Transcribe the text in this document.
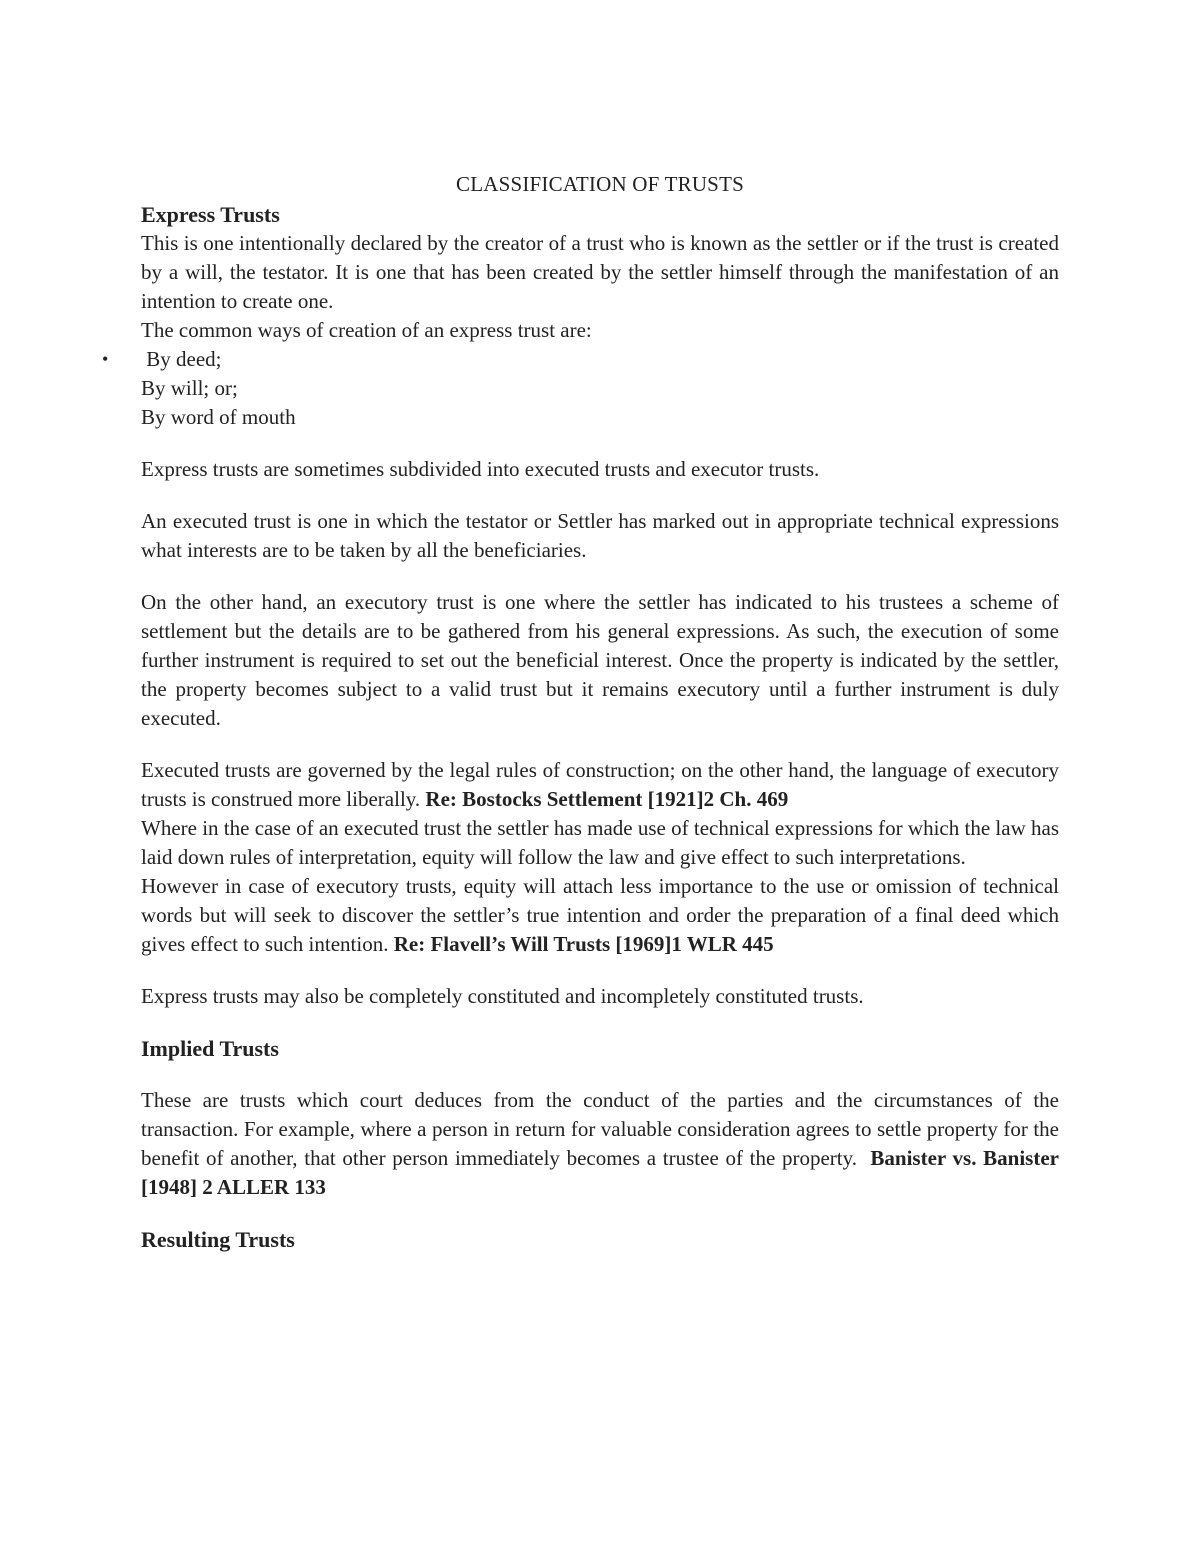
CLASSIFICATION OF TRUSTS

Express Trusts

This is one intentionally declared by the creator of a trust who is known as the settler or if the trust is created by a will, the testator. It is one that has been created by the settler himself through the manifestation of an intention to create one.

The common ways of creation of an express trust are:

• By deed;
By will; or;
By word of mouth

Express trusts are sometimes subdivided into executed trusts and executor trusts.

An executed trust is one in which the testator or Settler has marked out in appropriate technical expressions what interests are to be taken by all the beneficiaries.

On the other hand, an executory trust is one where the settler has indicated to his trustees a scheme of settlement but the details are to be gathered from his general expressions. As such, the execution of some further instrument is required to set out the beneficial interest. Once the property is indicated by the settler, the property becomes subject to a valid trust but it remains executory until a further instrument is duly executed.

Executed trusts are governed by the legal rules of construction; on the other hand, the language of executory trusts is construed more liberally. Re: Bostocks Settlement [1921]2 Ch. 469

Where in the case of an executed trust the settler has made use of technical expressions for which the law has laid down rules of interpretation, equity will follow the law and give effect to such interpretations.

However in case of executory trusts, equity will attach less importance to the use or omission of technical words but will seek to discover the settler’s true intention and order the preparation of a final deed which gives effect to such intention. Re: Flavell’s Will Trusts [1969]1 WLR 445

Express trusts may also be completely constituted and incompletely constituted trusts.

Implied Trusts

These are trusts which court deduces from the conduct of the parties and the circumstances of the transaction. For example, where a person in return for valuable consideration agrees to settle property for the benefit of another, that other person immediately becomes a trustee of the property.  Banister vs. Banister [1948] 2 ALLER 133

Resulting Trusts
